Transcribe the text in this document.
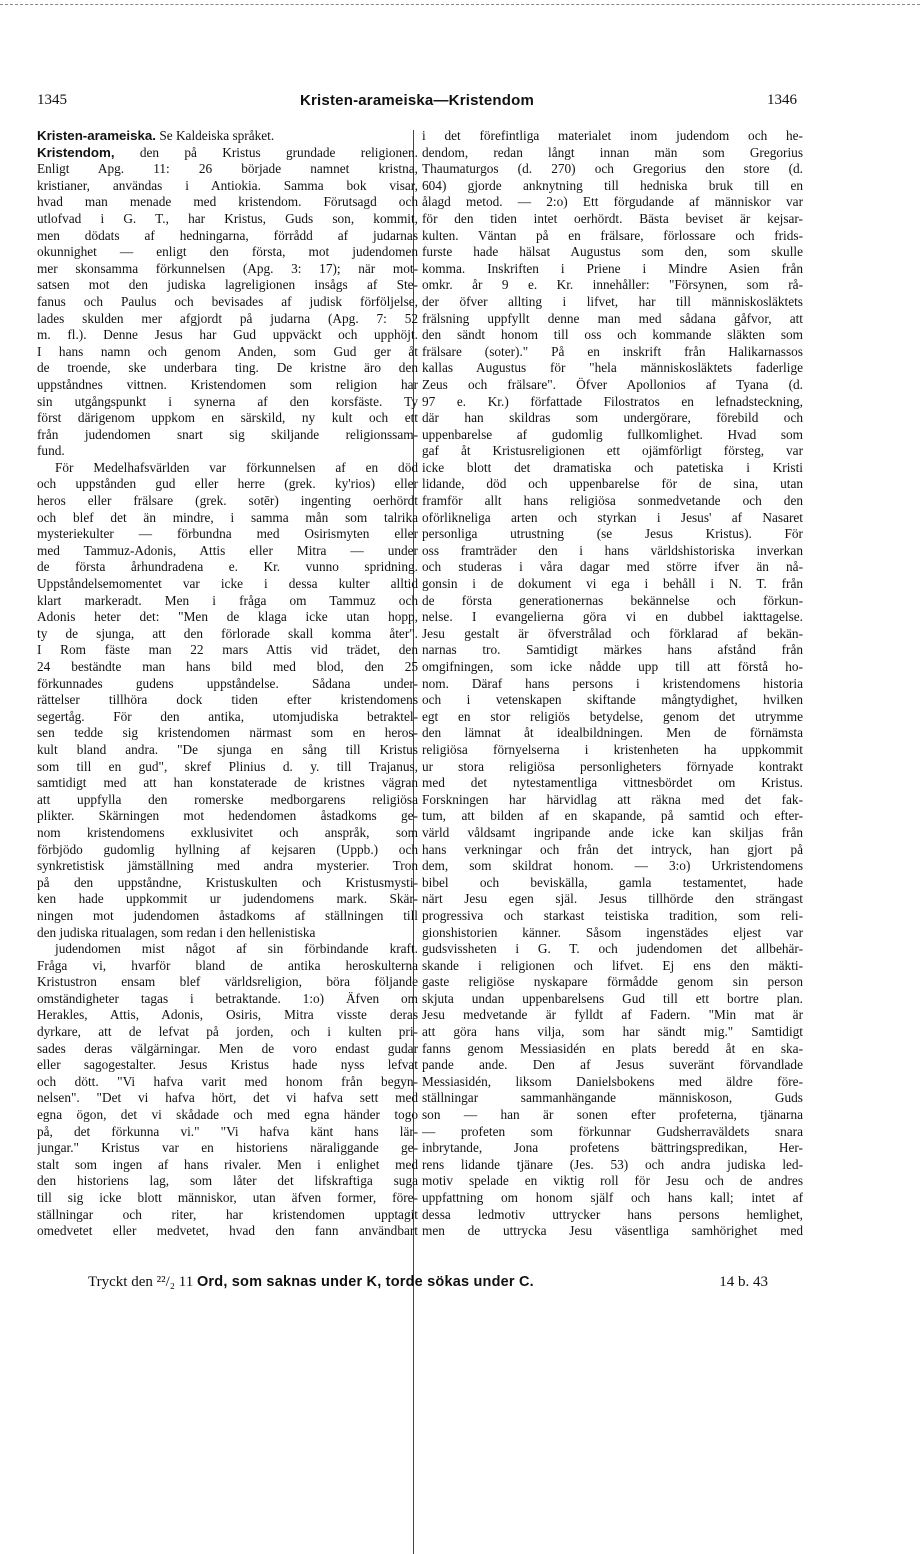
1345	Kristen-arameiska—Kristendom	1346
Kristen-arameiska. Se Kaldeiska språket.
Kristendom, den på Kristus grundade religionen.
Enligt Apg. 11: 26 började namnet kristna,
kristianer, användas i Antiokia. Samma bok visar,
hvad man menade med kristendom. Förutsagd och
utlofvad i G. T., har Kristus, Guds son, kommit,
men dödats af hedningarna, förrådd af judarnas
okunnighet — enligt den första, mot judendomen
mer skonsamma förkunnelsen (Apg. 3: 17); när mot-
satsen mot den judiska lagreligionen insågs af Ste-
fanus och Paulus och bevisades af judisk förföljelse,
lades skulden mer afgjordt på judarna (Apg. 7: 52
m. fl.). Denne Jesus har Gud uppväckt och upphöjt.
I hans namn och genom Anden, som Gud ger åt
de troende, ske underbara ting. De kristne äro den
uppståndnes vittnen. Kristendomen som religion har
sin utgångspunkt i synerna af den korsfäste. Ty
först därigenom uppkom en särskild, ny kult och ett
från judendomen snart sig skiljande religionssam-
fund.
För Medelhafsvärlden var förkunnelsen af en död
och uppstånden gud eller herre (grek. ky'rios) eller
heros eller frälsare (grek. sotēr) ingenting oerhördt
och blef det än mindre, i samma mån som talrika
mysteriekulter — förbundna med Osirismyten eller
med Tammuz-Adonis, Attis eller Mitra — under
de första århundradena e. Kr. vunno spridning.
Uppståndelsemomentet var icke i dessa kulter alltid
klart markeradt. Men i fråga om Tammuz och
Adonis heter det: "Men de klaga icke utan hopp,
ty de sjunga, att den förlorade skall komma åter".
I Rom fäste man 22 mars Attis vid trädet, den
24 beständte man hans bild med blod, den 25
förkunnades gudens uppståndelse. Sådana under-
rättelser tillhöra dock tiden efter kristendomens
segertåg. För den antika, utomjudiska betraktel-
sen tedde sig kristendomen närmast som en heros-
kult bland andra. "De sjunga en sång till Kristus
som till en gud", skref Plinius d. y. till Trajanus,
samtidigt med att han konstaterade de kristnes vägran
att uppfylla den romerske medborgarens religiösa
plikter. Skärningen mot hedendomen åstadkoms ge-
nom kristendomens exklusivitet och anspråk, som
förbjödo gudomlig hyllning af kejsaren (Uppb.) och
synkretistisk jämställning med andra mysterier. Tron
på den uppståndne, Kristuskulten och Kristusmysti-
ken hade uppkommit ur judendomens mark. Skär-
ningen mot judendomen åstadkoms af ställningen till
den judiska ritualagen, som redan i den hellenistiska
judendomen mist något af sin förbindande kraft.
Fråga vi, hvarför bland de antika heroskulterna
Kristustron ensam blef världsreligion, böra följande
omständigheter tagas i betraktande. 1:o) Äfven om
Herakles, Attis, Adonis, Osiris, Mitra visste deras
dyrkare, att de lefvat på jorden, och i kulten pri-
sades deras välgärningar. Men de voro endast gudar
eller sagogestalter. Jesus Kristus hade nyss lefvat
och dött. "Vi hafva varit med honom från begyn-
nelsen". "Det vi hafva hört, det vi hafva sett med
egna ögon, det vi skådade och med egna händer togo
på, det förkunna vi." "Vi hafva känt hans lär-
jungar." Kristus var en historiens näraliggande ge-
stalt som ingen af hans rivaler. Men i enlighet med
den historiens lag, som låter det lifskraftiga suga
till sig icke blott människor, utan äfven former, före-
ställningar och riter, har kristendomen upptagit
omedvetet eller medvetet, hvad den fann användbart
i det förefintliga materialet inom judendom och he-
dendom, redan långt innan män som Gregorius
Thaumaturgos (d. 270) och Gregorius den store (d.
604) gjorde anknytning till hedniska bruk till en
ålagd metod. — 2:o) Ett förgudande af människor var
för den tiden intet oerhördt. Bästa beviset är kejsar-
kulten. Väntan på en frälsare, förlossare och frids-
furste hade hälsat Augustus som den, som skulle
komma. Inskriften i Priene i Mindre Asien från
omkr. år 9 e. Kr. innehåller: "Försynen, som rå-
der öfver allting i lifvet, har till människosläktets
frälsning uppfyllt denne man med sådana gåfvor, att
den sändt honom till oss och kommande släkten som
frälsare (soter)." På en inskrift från Halikarnassos
kallas Augustus för "hela människosläktets faderlige
Zeus och frälsare". Öfver Apollonios af Tyana (d.
97 e. Kr.) författade Filostratos en lefnadsteckning,
där han skildras som undergörare, förebild och
uppenbarelse af gudomlig fullkomlighet. Hvad som
gaf åt Kristusreligionen ett ojämförligt försteg, var
icke blott det dramatiska och patetiska i Kristi
lidande, död och uppenbarelse för de sina, utan
framför allt hans religiösa sonmedvetande och den
oförlikneliga arten och styrkan i Jesus' af Nasaret
personliga utrustning (se Jesus Kristus). För
oss framträder den i hans världshistoriska inverkan
och studeras i våra dagar med större ifver än nå-
gonsin i de dokument vi ega i behåll i N. T. från
de första generationernas bekännelse och förkun-
nelse. I evangelierna göra vi en dubbel iakttagelse.
Jesu gestalt är öfverstrålad och förklarad af bekän-
narnas tro. Samtidigt märkes hans afstånd från
omgifningen, som icke nådde upp till att förstå ho-
nom. Däraf hans persons i kristendomens historia
och i vetenskapen skiftande mångtydighet, hvilken
egt en stor religiös betydelse, genom det utrymme
den lämnat åt idealbildningen. Men de förnämsta
religiösa förnyelserna i kristenheten ha uppkommit
ur stora religiösa personligheters förnyade kontrakt
med det nytestamentliga vittnesbördet om Kristus.
Forskningen har härvidlag att räkna med det fak-
tum, att bilden af en skapande, på samtid och efter-
värld våldsamt ingripande ande icke kan skiljas från
hans verkningar och från det intryck, han gjort på
dem, som skildrat honom. — 3:o) Urkristendomens
bibel och beviskälla, gamla testamentet, hade
närt Jesu egen själ. Jesus tillhörde den strängast
progressiva och starkast teistiska tradition, som reli-
gionshistorien känner. Såsom ingenstädes eljest var
gudsvissheten i G. T. och judendomen det allbehär-
skande i religionen och lifvet. Ej ens den mäkti-
gaste religiöse nyskapare förmådde genom sin person
skjuta undan uppenbarelsens Gud till ett bortre plan.
Jesu medvetande är fylldt af Fadern. "Min mat är
att göra hans vilja, som har sändt mig." Samtidigt
fanns genom Messiasidén en plats beredd åt en ska-
pande ande. Den af Jesus suveränt förvandlade
Messiasidén, liksom Danielsbokens med äldre före-
ställningar sammanhängande människoson, Guds
son — han är sonen efter profeterna, tjänarna
— profeten som förkunnar Gudsherraväldets snara
inbrytande, Jona profetens bättringspredikan, Her-
rens lidande tjänare (Jes. 53) och andra judiska led-
motiv spelade en viktig roll för Jesu och de andres
uppfattning om honom själf och hans kall; intet af
dessa ledmotiv uttrycker hans persons hemlighet,
men de uttrycka Jesu väsentliga samhörighet med
Tryckt den ²²/₂ 11 Ord, som saknas under K, torde sökas under C.	14 b. 43
